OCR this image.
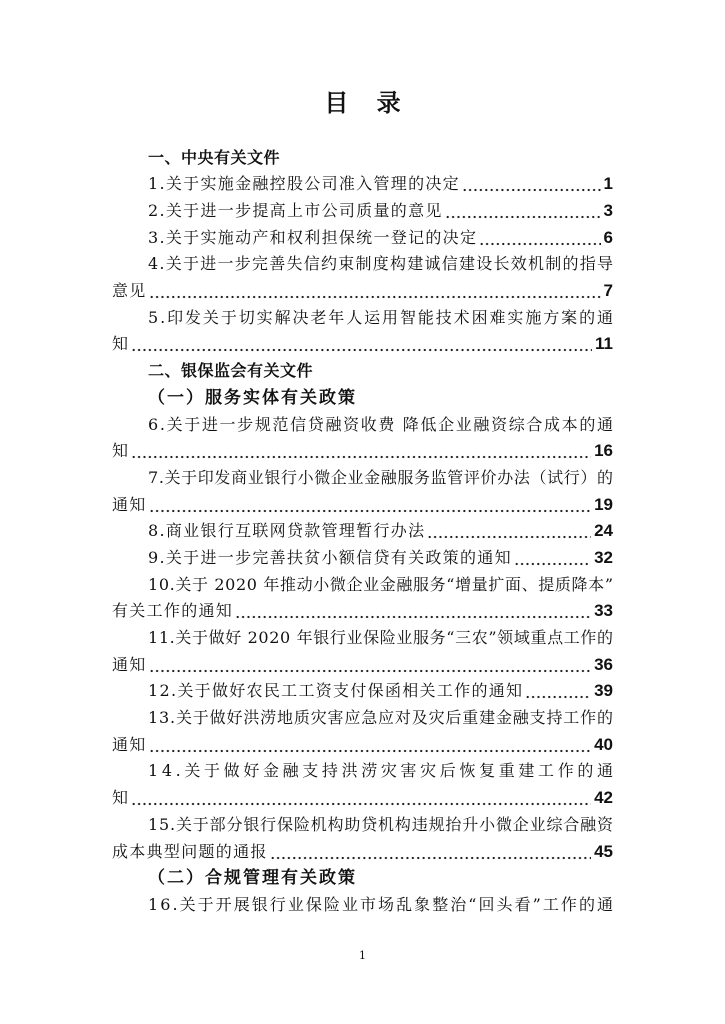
目 录
一、中央有关文件
1.关于实施金融控股公司准入管理的决定	1
2.关于进一步提高上市公司质量的意见	3
3.关于实施动产和权利担保统一登记的决定	6
4.关于进一步完善失信约束制度构建诚信建设长效机制的指导
意见	7
5.印发关于切实解决老年人运用智能技术困难实施方案的通
知	11
二、银保监会有关文件
（一）服务实体有关政策
6.关于进一步规范信贷融资收费 降低企业融资综合成本的通
知	16
7.关于印发商业银行小微企业金融服务监管评价办法（试行）的
通知	19
8.商业银行互联网贷款管理暂行办法	24
9.关于进一步完善扶贫小额信贷有关政策的通知	32
10.关于 2020 年推动小微企业金融服务“增量扩面、提质降本”
有关工作的通知	33
11.关于做好 2020 年银行业保险业服务“三农”领域重点工作的
通知	36
12.关于做好农民工工资支付保函相关工作的通知	39
13.关于做好洪涝地质灾害应急应对及灾后重建金融支持工作的
通知	40
14.关于做好金融支持洪涝灾害灾后恢复重建工作的通
知	42
15.关于部分银行保险机构助贷机构违规抬升小微企业综合融资
成本典型问题的通报	45
（二）合规管理有关政策
16.关于开展银行业保险业市场乱象整治“回头看”工作的通
1
